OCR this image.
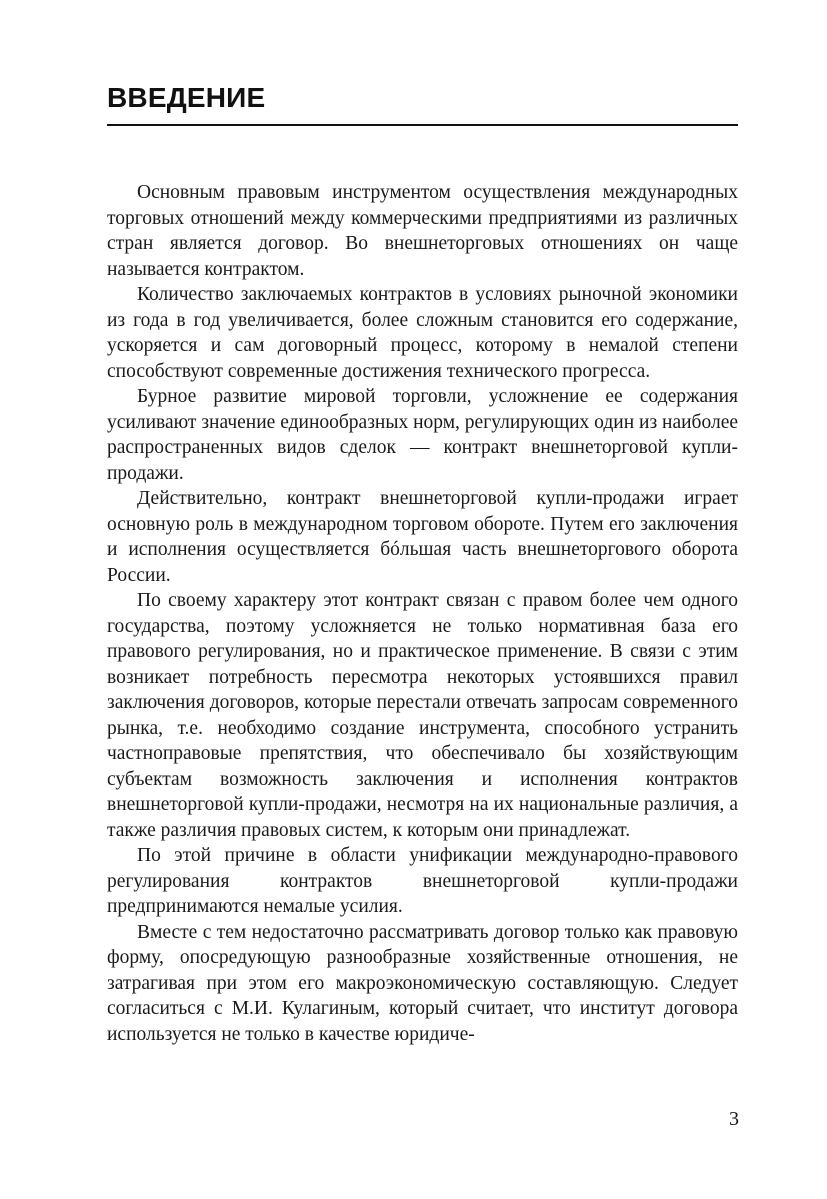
ВВЕДЕНИЕ

Основным правовым инструментом осуществления международных торговых отношений между коммерческими предприятиями из различных стран является договор. Во внешнеторговых отношениях он чаще называется контрактом.

Количество заключаемых контрактов в условиях рыночной экономики из года в год увеличивается, более сложным становится его содержание, ускоряется и сам договорный процесс, которому в немалой степени способствуют современные достижения технического прогресса.

Бурное развитие мировой торговли, усложнение ее содержания усиливают значение единообразных норм, регулирующих один из наиболее распространенных видов сделок — контракт внешнеторговой купли-продажи.

Действительно, контракт внешнеторговой купли-продажи играет основную роль в международном торговом обороте. Путем его заключения и исполнения осуществляется бóльшая часть внешнеторгового оборота России.

По своему характеру этот контракт связан с правом более чем одного государства, поэтому усложняется не только нормативная база его правового регулирования, но и практическое применение. В связи с этим возникает потребность пересмотра некоторых устоявшихся правил заключения договоров, которые перестали отвечать запросам современного рынка, т.е. необходимо создание инструмента, способного устранить частноправовые препятствия, что обеспечивало бы хозяйствующим субъектам возможность заключения и исполнения контрактов внешнеторговой купли-продажи, несмотря на их национальные различия, а также различия правовых систем, к которым они принадлежат.

По этой причине в области унификации международно-правового регулирования контрактов внешнеторговой купли-продажи предпринимаются немалые усилия.

Вместе с тем недостаточно рассматривать договор только как правовую форму, опосредующую разнообразные хозяйственные отношения, не затрагивая при этом его макроэкономическую составляющую. Следует согласиться с М.И. Кулагиным, который считает, что институт договора используется не только в качестве юридиче-

3
